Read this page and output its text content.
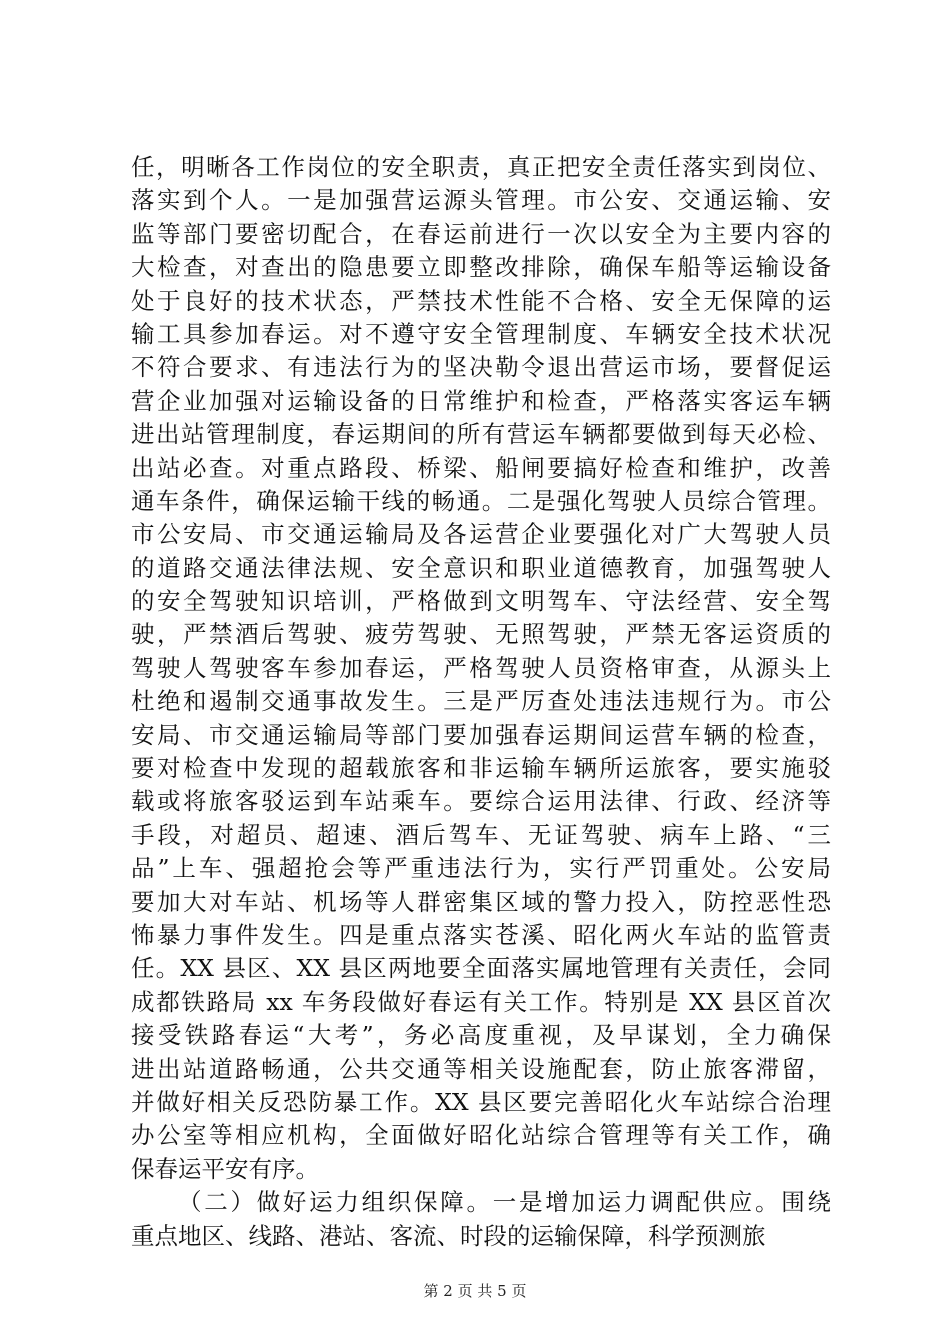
任，明晰各工作岗位的安全职责，真正把安全责任落实到岗位、
落实到个人。一是加强营运源头管理。市公安、交通运输、安
监等部门要密切配合，在春运前进行一次以安全为主要内容的
大检查，对查出的隐患要立即整改排除，确保车船等运输设备
处于良好的技术状态，严禁技术性能不合格、安全无保障的运
输工具参加春运。对不遵守安全管理制度、车辆安全技术状况
不符合要求、有违法行为的坚决勒令退出营运市场，要督促运
营企业加强对运输设备的日常维护和检查，严格落实客运车辆
进出站管理制度，春运期间的所有营运车辆都要做到每天必检、
出站必查。对重点路段、桥梁、船闸要搞好检查和维护，改善
通车条件，确保运输干线的畅通。二是强化驾驶人员综合管理。
市公安局、市交通运输局及各运营企业要强化对广大驾驶人员
的道路交通法律法规、安全意识和职业道德教育，加强驾驶人
的安全驾驶知识培训，严格做到文明驾车、守法经营、安全驾
驶，严禁酒后驾驶、疲劳驾驶、无照驾驶，严禁无客运资质的
驾驶人驾驶客车参加春运，严格驾驶人员资格审查，从源头上
杜绝和遏制交通事故发生。三是严厉查处违法违规行为。市公
安局、市交通运输局等部门要加强春运期间运营车辆的检查，
要对检查中发现的超载旅客和非运输车辆所运旅客，要实施驳
载或将旅客驳运到车站乘车。要综合运用法律、行政、经济等
手段，对超员、超速、酒后驾车、无证驾驶、病车上路、“三
品”上车、强超抢会等严重违法行为，实行严罚重处。公安局
要加大对车站、机场等人群密集区域的警力投入，防控恶性恐
怖暴力事件发生。四是重点落实苍溪、昭化两火车站的监管责
任。XX 县区、XX 县区两地要全面落实属地管理有关责任，会同
成都铁路局 xx 车务段做好春运有关工作。特别是 XX 县区首次
接受铁路春运“大考”，务必高度重视，及早谋划，全力确保
进出站道路畅通，公共交通等相关设施配套，防止旅客滞留，
并做好相关反恐防暴工作。XX 县区要完善昭化火车站综合治理
办公室等相应机构，全面做好昭化站综合管理等有关工作，确
保春运平安有序。
（二）做好运力组织保障。一是增加运力调配供应。围绕
重点地区、线路、港站、客流、时段的运输保障，科学预测旅
第 2 页 共 5 页
